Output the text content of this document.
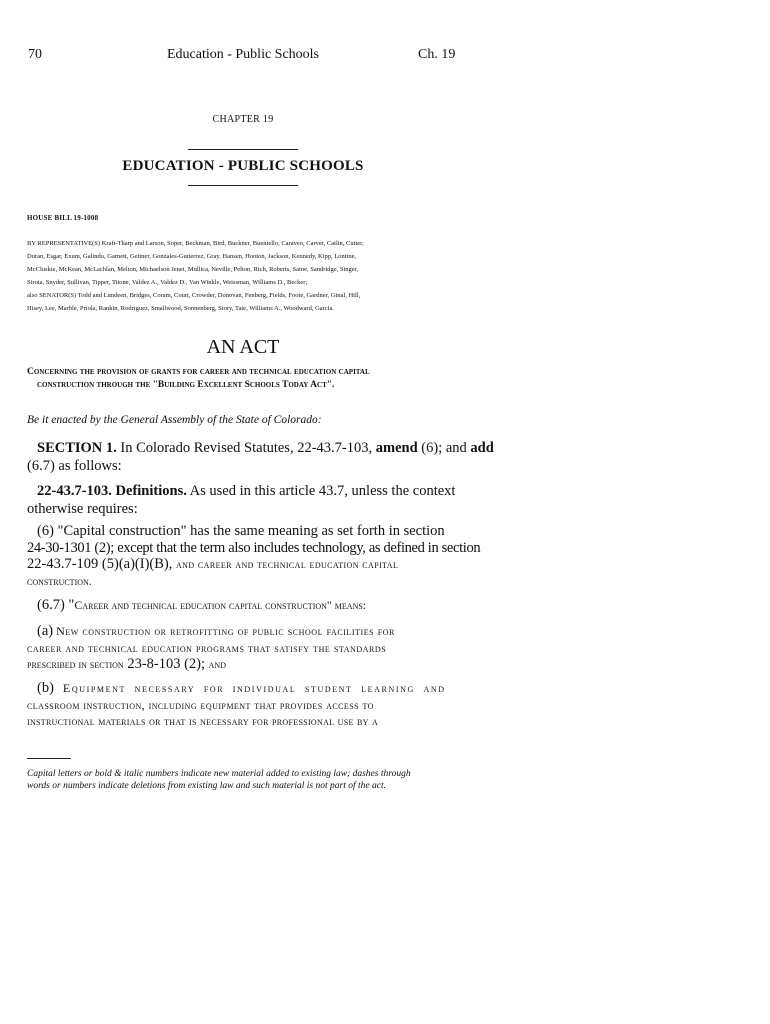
70	Education - Public Schools	Ch. 19
CHAPTER 19
EDUCATION - PUBLIC SCHOOLS
HOUSE BILL 19-1008
BY REPRESENTATIVE(S) Kraft-Tharp and Larson, Soper, Beckman, Bird, Buckner, Buentello, Caraveo, Carver, Catlin, Cutter,
Duran, Esgar, Exum, Galindo, Garnett, Geitner, Gonzales-Gutierrez, Gray, Hansen, Hooton, Jackson, Kennedy, Kipp, Lontine,
McCluskie, McKean, McLachlan, Melton, Michaelson Jenet, Mullica, Neville, Pelton, Rich, Roberts, Saine, Sandridge, Singer,
Sirota, Snyder, Sullivan, Tipper, Titone, Valdez A., Valdez D., Van Winkle, Weissman, Williams D., Becker;
also SENATOR(S) Todd and Lundeen, Bridges, Coram, Court, Crowder, Donovan, Fenberg, Fields, Foote, Gardner, Ginal, Hill,
Hisey, Lee, Marble, Priola, Rankin, Rodriguez, Smallwood, Sonnenberg, Story, Tate, Williams A., Woodward, Garcia.
AN ACT
Concerning the provision of grants for career and technical education capital
construction through the "Building Excellent Schools Today Act".
Be it enacted by the General Assembly of the State of Colorado:
SECTION 1. In Colorado Revised Statutes, 22-43.7-103, amend (6); and add
(6.7) as follows:
22-43.7-103. Definitions. As used in this article 43.7, unless the context
otherwise requires:
(6) "Capital construction" has the same meaning as set forth in section
24-30-1301 (2); except that the term also includes technology, as defined in section
22-43.7-109 (5)(a)(I)(B), and career and technical education capital
construction.
(6.7) "Career and technical education capital construction" means:
(a) New construction or retrofitting of public school facilities for
career and technical education programs that satisfy the standards
prescribed in section 23-8-103 (2); and
(b) Equipment necessary for individual student learning and
classroom instruction, including equipment that provides access to
instructional materials or that is necessary for professional use by a
Capital letters or bold & italic numbers indicate new material added to existing law; dashes through
words or numbers indicate deletions from existing law and such material is not part of the act.
